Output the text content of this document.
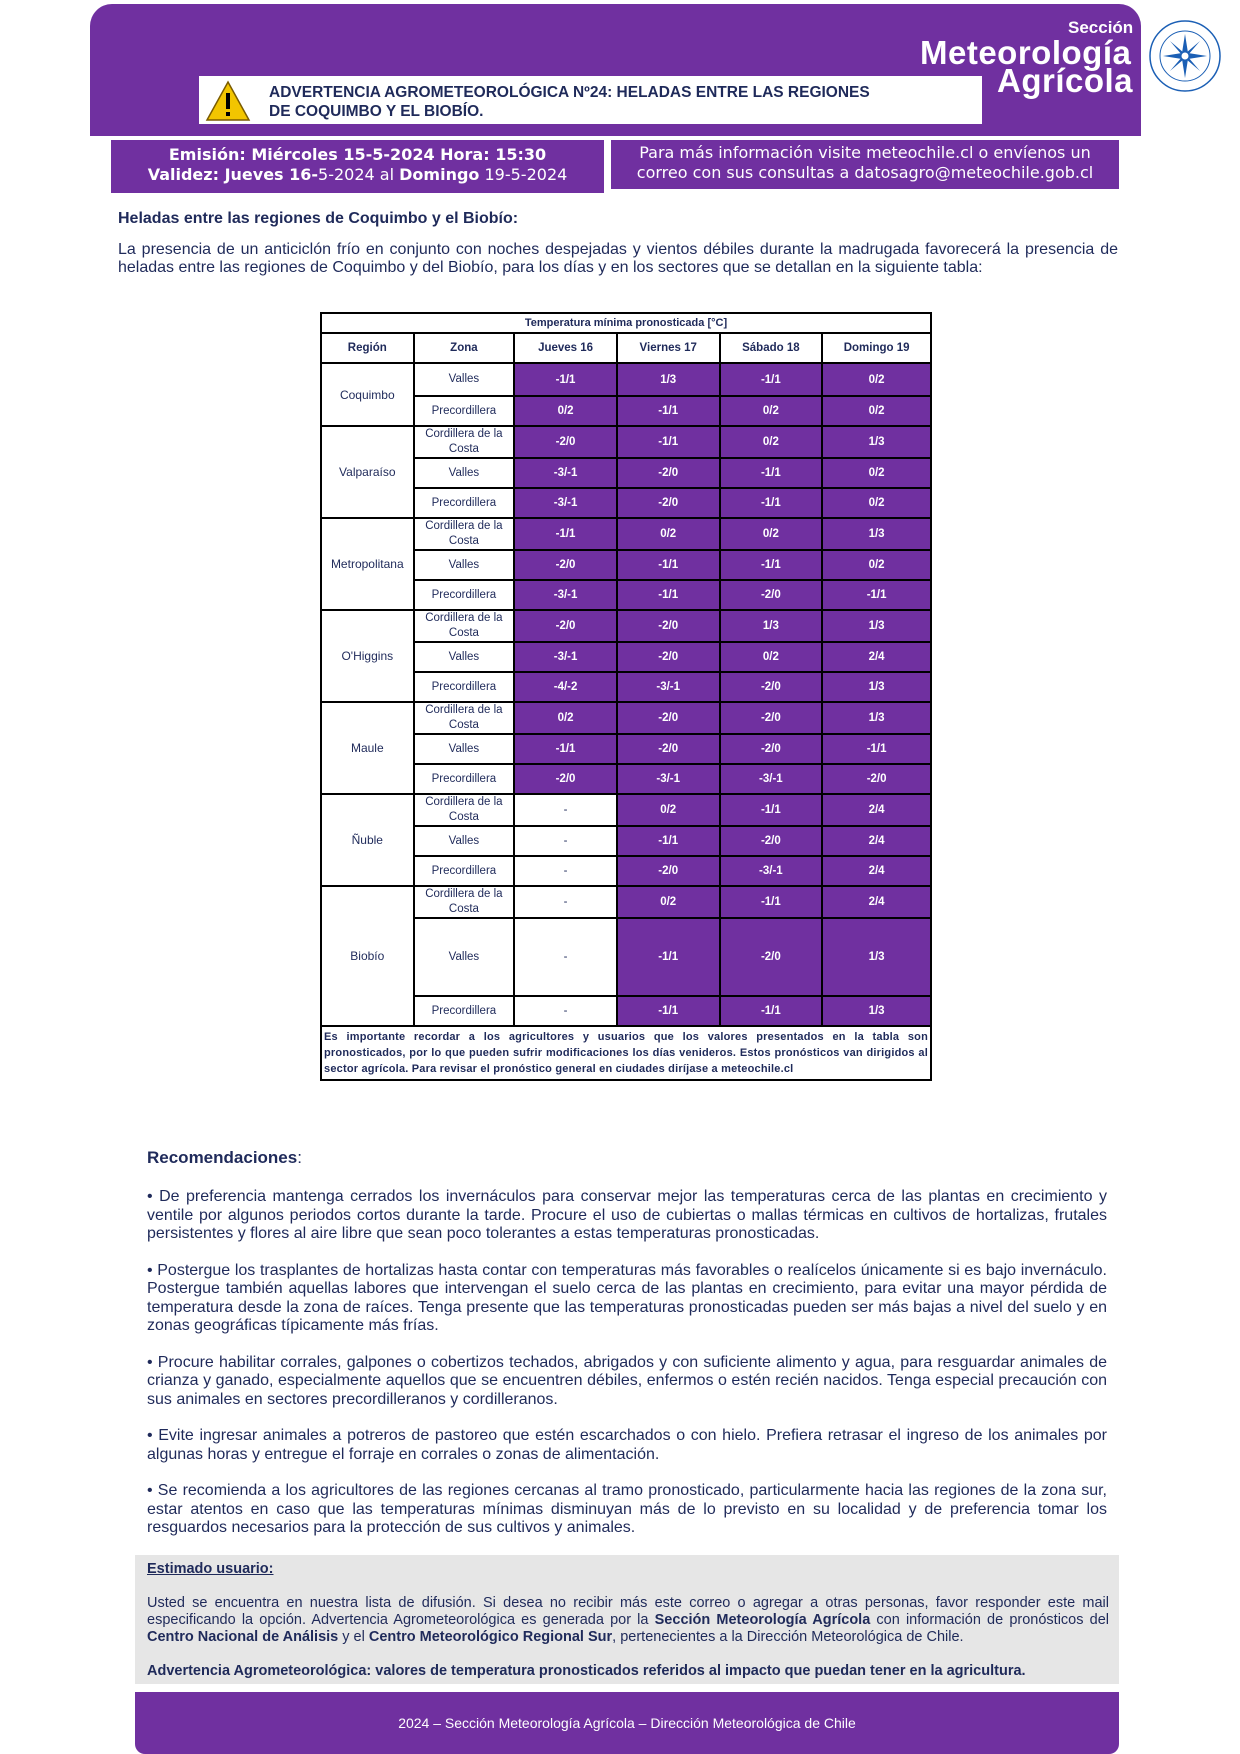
Sección
Meteorología
Agrícola
ADVERTENCIA AGROMETEOROLÓGICA Nº24: HELADAS ENTRE LAS REGIONES
DE COQUIMBO Y EL BIOBÍO.
Emisión: Miércoles 15-5-2024 Hora: 15:30
Validez: Jueves 16-5-2024 al Domingo 19-5-2024
Para más información visite meteochile.cl o envíenos un
correo con sus consultas a datosagro@meteochile.gob.cl
Heladas entre las regiones de Coquimbo y el Biobío:
La presencia de un anticiclón frío en conjunto con noches despejadas y vientos débiles durante la madrugada favorecerá la presencia de heladas entre las regiones de Coquimbo y del Biobío, para los días y en los sectores que se detallan en la siguiente tabla:
Temperatura mínima pronosticada [°C]					
Región	Zona	Jueves 16	Viernes 17	Sábado 18	Domingo 19
Coquimbo	Valles	-1/1	1/3	-1/1	0/2
	Precordillera	0/2	-1/1	0/2	0/2
Valparaíso	Cordillera de la Costa	-2/0	-1/1	0/2	1/3
	Valles	-3/-1	-2/0	-1/1	0/2
	Precordillera	-3/-1	-2/0	-1/1	0/2
Metropolitana	Cordillera de la Costa	-1/1	0/2	0/2	1/3
	Valles	-2/0	-1/1	-1/1	0/2
	Precordillera	-3/-1	-1/1	-2/0	-1/1
O'Higgins	Cordillera de la Costa	-2/0	-2/0	1/3	1/3
	Valles	-3/-1	-2/0	0/2	2/4
	Precordillera	-4/-2	-3/-1	-2/0	1/3
Maule	Cordillera de la Costa	0/2	-2/0	-2/0	1/3
	Valles	-1/1	-2/0	-2/0	-1/1
	Precordillera	-2/0	-3/-1	-3/-1	-2/0
Ñuble	Cordillera de la Costa	-	0/2	-1/1	2/4
	Valles	-	-1/1	-2/0	2/4
	Precordillera	-	-2/0	-3/-1	2/4
Biobío	Cordillera de la Costa	-	0/2	-1/1	2/4
	Valles	-	-1/1	-2/0	1/3
	Precordillera	-	-1/1	-1/1	1/3
Es importante recordar a los agricultores y usuarios que los valores presentados en la tabla son pronosticados, por lo que pueden sufrir modificaciones los días venideros. Estos pronósticos van dirigidos al sector agrícola. Para revisar el pronóstico general en ciudades diríjase a meteochile.cl					
Recomendaciones:

• De preferencia mantenga cerrados los invernáculos para conservar mejor las temperaturas cerca de las plantas en crecimiento y ventile por algunos periodos cortos durante la tarde. Procure el uso de cubiertas o mallas térmicas en cultivos de hortalizas, frutales persistentes y flores al aire libre que sean poco tolerantes a estas temperaturas pronosticadas.

• Postergue los trasplantes de hortalizas hasta contar con temperaturas más favorables o realícelos únicamente si es bajo invernáculo. Postergue también aquellas labores que intervengan el suelo cerca de las plantas en crecimiento, para evitar una mayor pérdida de temperatura desde la zona de raíces. Tenga presente que las temperaturas pronosticadas pueden ser más bajas a nivel del suelo y en zonas geográficas típicamente más frías.

• Procure habilitar corrales, galpones o cobertizos techados, abrigados y con suficiente alimento y agua, para resguardar animales de crianza y ganado, especialmente aquellos que se encuentren débiles, enfermos o estén recién nacidos. Tenga especial precaución con sus animales en sectores precordilleranos y cordilleranos.

• Evite ingresar animales a potreros de pastoreo que estén escarchados o con hielo. Prefiera retrasar el ingreso de los animales por algunas horas y entregue el forraje en corrales o zonas de alimentación.

• Se recomienda a los agricultores de las regiones cercanas al tramo pronosticado, particularmente hacia las regiones de la zona sur, estar atentos en caso que las temperaturas mínimas disminuyan más de lo previsto en su localidad y de preferencia tomar los resguardos necesarios para la protección de sus cultivos y animales.

Estimado usuario:
Usted se encuentra en nuestra lista de difusión. Si desea no recibir más este correo o agregar a otras personas, favor responder este mail especificando la opción. Advertencia Agrometeorológica es generada por la Sección Meteorología Agrícola con información de pronósticos del Centro Nacional de Análisis y el Centro Meteorológico Regional Sur, pertenecientes a la Dirección Meteorológica de Chile.
Advertencia Agrometeorológica: valores de temperatura pronosticados referidos al impacto que puedan tener en la agricultura.
2024 – Sección Meteorología Agrícola – Dirección Meteorológica de Chile
